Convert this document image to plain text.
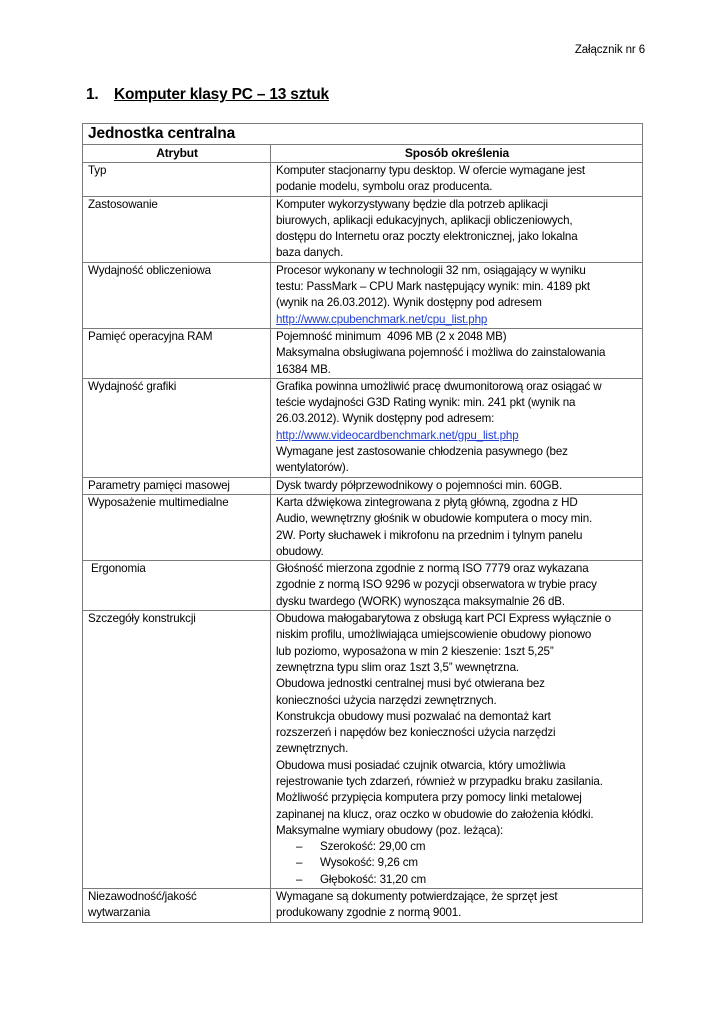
Załącznik nr 6
1. Komputer klasy PC – 13 sztuk
Jednostka centralna	
Atrybut	Sposób określenia
Typ	Komputer stacjonarny typu desktop. W ofercie wymagane jest
podanie modelu, symbolu oraz producenta.

Zastosowanie	Komputer wykorzystywany będzie dla potrzeb aplikacji
biurowych, aplikacji edukacyjnych, aplikacji obliczeniowych,
dostępu do Internetu oraz poczty elektronicznej, jako lokalna
baza danych.

Wydajność obliczeniowa	Procesor wykonany w technologii 32 nm, osiągający w wyniku
testu: PassMark – CPU Mark następujący wynik: min. 4189 pkt
(wynik na 26.03.2012). Wynik dostępny pod adresem
http://www.cpubenchmark.net/cpu_list.php

Pamięć operacyjna RAM	Pojemność minimum  4096 MB (2 x 2048 MB)
Maksymalna obsługiwana pojemność i możliwa do zainstalowania
16384 MB.

Wydajność grafiki	Grafika powinna umożliwić pracę dwumonitorową oraz osiągać w
teście wydajności G3D Rating wynik: min. 241 pkt (wynik na
26.03.2012). Wynik dostępny pod adresem:
http://www.videocardbenchmark.net/gpu_list.php
Wymagane jest zastosowanie chłodzenia pasywnego (bez
wentylatorów).

Parametry pamięci masowej	Dysk twardy półprzewodnikowy o pojemności min. 60GB.

Wyposażenie multimedialne	Karta dźwiękowa zintegrowana z płytą główną, zgodna z HD
Audio, wewnętrzny głośnik w obudowie komputera o mocy min.
2W. Porty słuchawek i mikrofonu na przednim i tylnym panelu
obudowy.

Ergonomia	Głośność mierzona zgodnie z normą ISO 7779 oraz wykazana
zgodnie z normą ISO 9296 w pozycji obserwatora w trybie pracy
dysku twardego (WORK) wynosząca maksymalnie 26 dB.

Szczegóły konstrukcji	Obudowa małogabarytowa z obsługą kart PCI Express wyłącznie o
niskim profilu, umożliwiająca umiejscowienie obudowy pionowo
lub poziomo, wyposażona w min 2 kieszenie: 1szt 5,25”
zewnętrzna typu slim oraz 1szt 3,5” wewnętrzna.
Obudowa jednostki centralnej musi być otwierana bez
konieczności użycia narzędzi zewnętrznych.
Konstrukcja obudowy musi pozwalać na demontaż kart
rozszerzeń i napędów bez konieczności użycia narzędzi
zewnętrznych.
Obudowa musi posiadać czujnik otwarcia, który umożliwia
rejestrowanie tych zdarzeń, również w przypadku braku zasilania.
Możliwość przypięcia komputera przy pomocy linki metalowej
zapinanej na klucz, oraz oczko w obudowie do założenia kłódki.
Maksymalne wymiary obudowy (poz. leżąca):
– Szerokość: 29,00 cm
– Wysokość: 9,26 cm
– Głębokość: 31,20 cm

Niezawodność/jakość
wytwarzania	Wymagane są dokumenty potwierdzające, że sprzęt jest
produkowany zgodnie z normą 9001.
